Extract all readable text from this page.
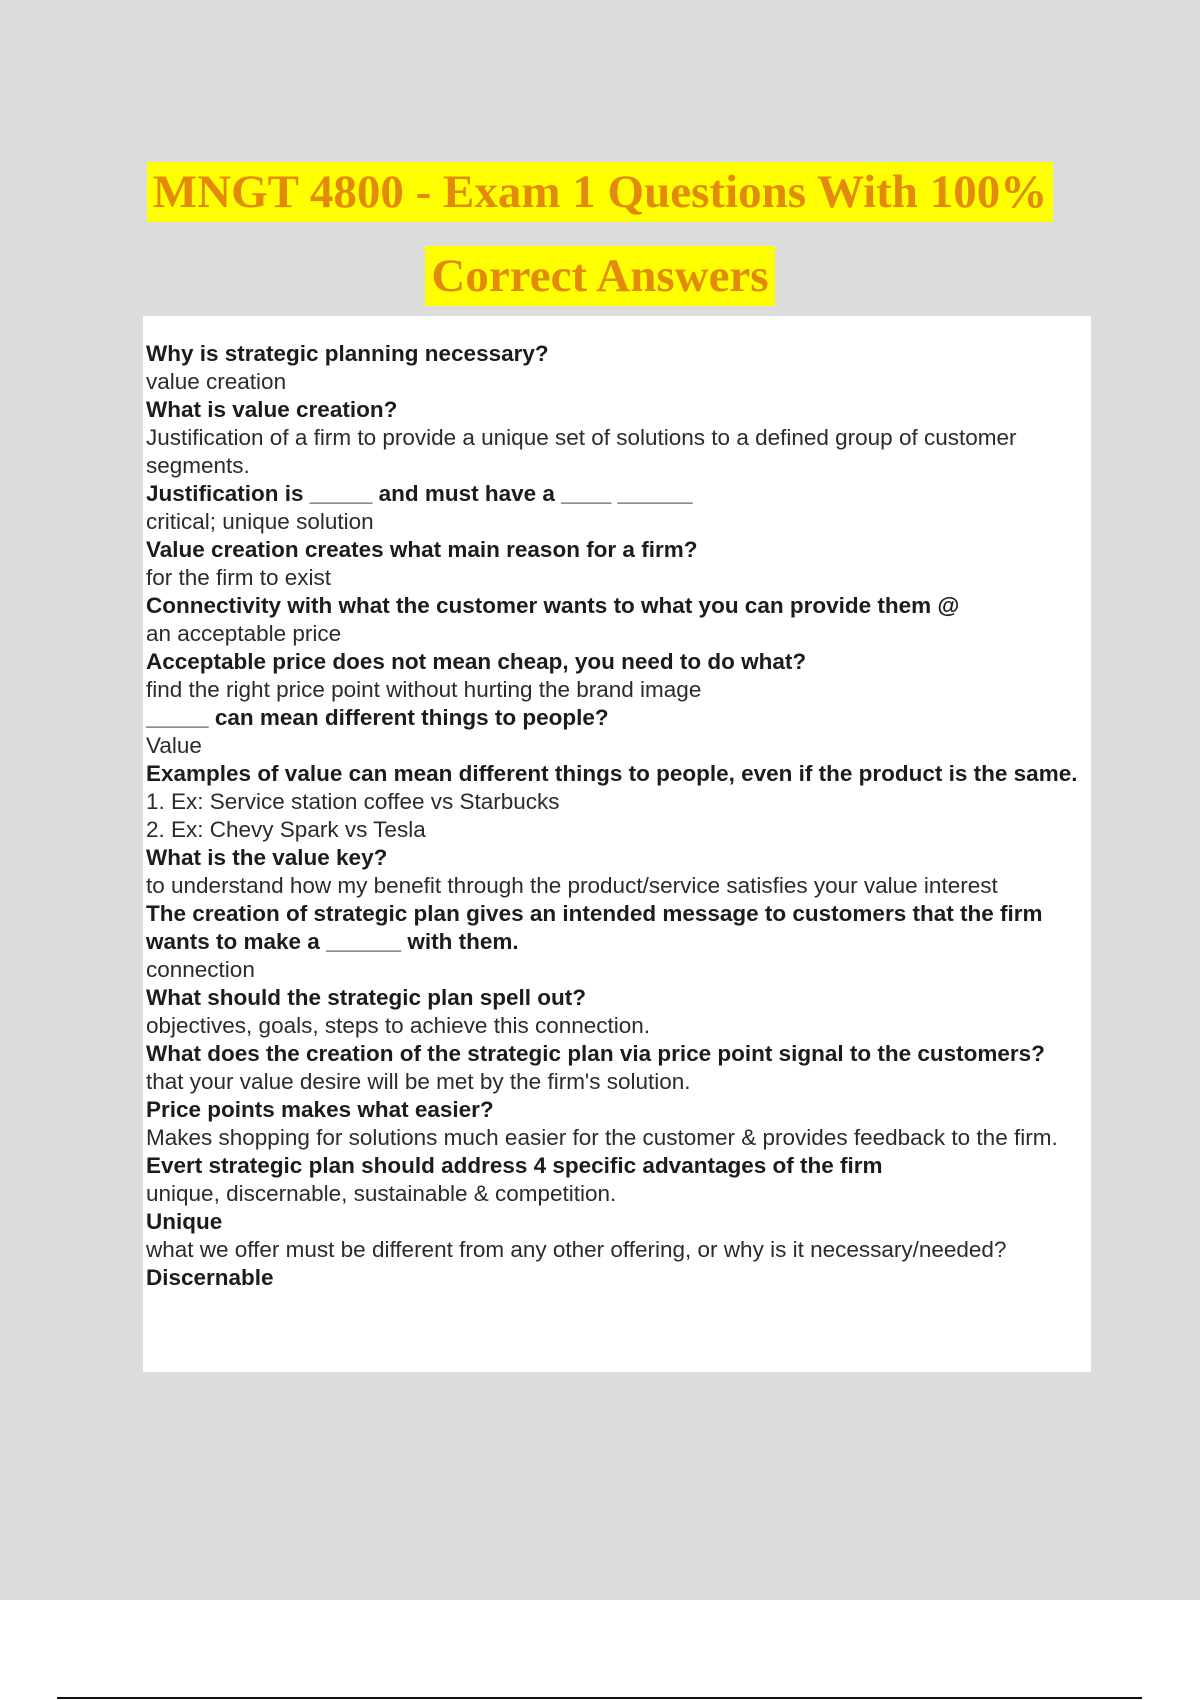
MNGT 4800 - Exam 1 Questions With 100%
Correct Answers

Why is strategic planning necessary?

value creation

What is value creation?

Justification of a firm to provide a unique set of solutions to a defined group of customer segments.

Justification is _____ and must have a ____ ______

critical; unique solution

Value creation creates what main reason for a firm?

for the firm to exist

Connectivity with what the customer wants to what you can provide them @

an acceptable price

Acceptable price does not mean cheap, you need to do what?

find the right price point without hurting the brand image

_____ can mean different things to people?

Value

Examples of value can mean different things to people, even if the product is the same.

1. Ex: Service station coffee vs Starbucks

2. Ex: Chevy Spark vs Tesla

What is the value key?

to understand how my benefit through the product/service satisfies your value interest

The creation of strategic plan gives an intended message to customers that the firm wants to make a ______ with them.

connection

What should the strategic plan spell out?

objectives, goals, steps to achieve this connection.

What does the creation of the strategic plan via price point signal to the customers?

that your value desire will be met by the firm's solution.

Price points makes what easier?

Makes shopping for solutions much easier for the customer & provides feedback to the firm.

Evert strategic plan should address 4 specific advantages of the firm

unique, discernable, sustainable & competition.

Unique

what we offer must be different from any other offering, or why is it necessary/needed?

Discernable
